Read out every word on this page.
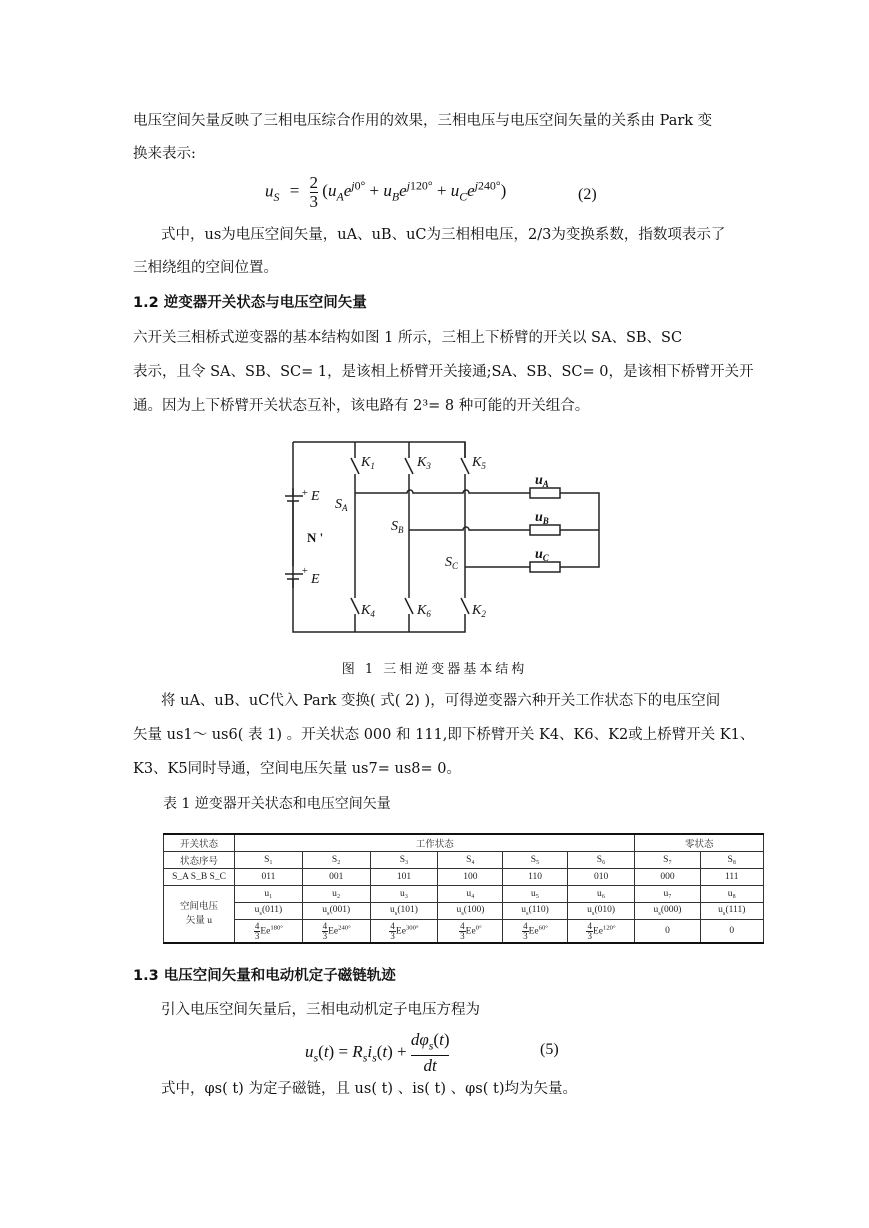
电压空间矢量反映了三相电压综合作用的效果，三相电压与电压空间矢量的关系由 Park 变

换来表示:

$u_S = \frac{2}{3} (u_Ae^{j0^\circ} + u_Be^{j120^\circ} + u_Ce^{j240^\circ})$	(2)

式中，us为电压空间矢量，uA、uB、uC为三相相电压，2/3为变换系数，指数项表示了

三相绕组的空间位置。

1.2 逆变器开关状态与电压空间矢量

六开关三相桥式逆变器的基本结构如图 1 所示，三相上下桥臂的开关以 SA、SB、SC

表示，且令 SA、SB、SC= 1，是该相上桥臂开关接通;SA、SB、SC= 0，是该相下桥臂开关开

通。因为上下桥臂开关状态互补，该电路有 2³= 8 种可能的开关组合。

$K_1$	$K_3$	$K_5$
$K_4$	$K_6$	$K_2$
E
E
+
+
N '
$S_A$
$S_B$
$S_C$
$u_A$
$u_B$
$u_C$
图 1 三相逆变器基本结构

将 uA、uB、uC代入 Park 变换( 式( 2) )，可得逆变器六种开关工作状态下的电压空间

矢量 us1～ us6( 表 1) 。开关状态 000 和 111,即下桥臂开关 K4、K6、K2或上桥臂开关 K1、

K3、K5同时导通，空间电压矢量 us7= us8= 0。

表 1 逆变器开关状态和电压空间矢量
开关状态	工作状态						零状态	
状态序号	S₁	S₂	S₃	S₄	S₅	S₆	S₇	S₈
S_A S_B S_C	011	001	101	100	110	010	000	111
空间电压
矢量 u	u₁	u₂	u₃	u₄	u₅	u₆	u₇	u₈
	$u_s(011)$	$u_s(001)$	$u_s(101)$	$u_s(100)$	$u_s(110)$	$u_s(010)$	$u_s(000)$	$u_s(111)$

	$\frac{4}{3} Ee^{180^\circ}$	$\frac{4}{3} Ee^{240^\circ}$	$\frac{4}{3} Ee^{300^\circ}$	$\frac{4}{3} Ee^{0^\circ}$	$\frac{4}{3} Ee^{60^\circ}$	$\frac{4}{3} Ee^{120^\circ}$	0	0
1.3 电压空间矢量和电动机定子磁链轨迹

引入电压空间矢量后，三相电动机定子电压方程为

$u_s(t) = R_si_s(t)$ +
$d\varphi_s(t)$
dt
(5)

式中，φs( t) 为定子磁链，且 us( t) 、is( t) 、φs( t)均为矢量。
